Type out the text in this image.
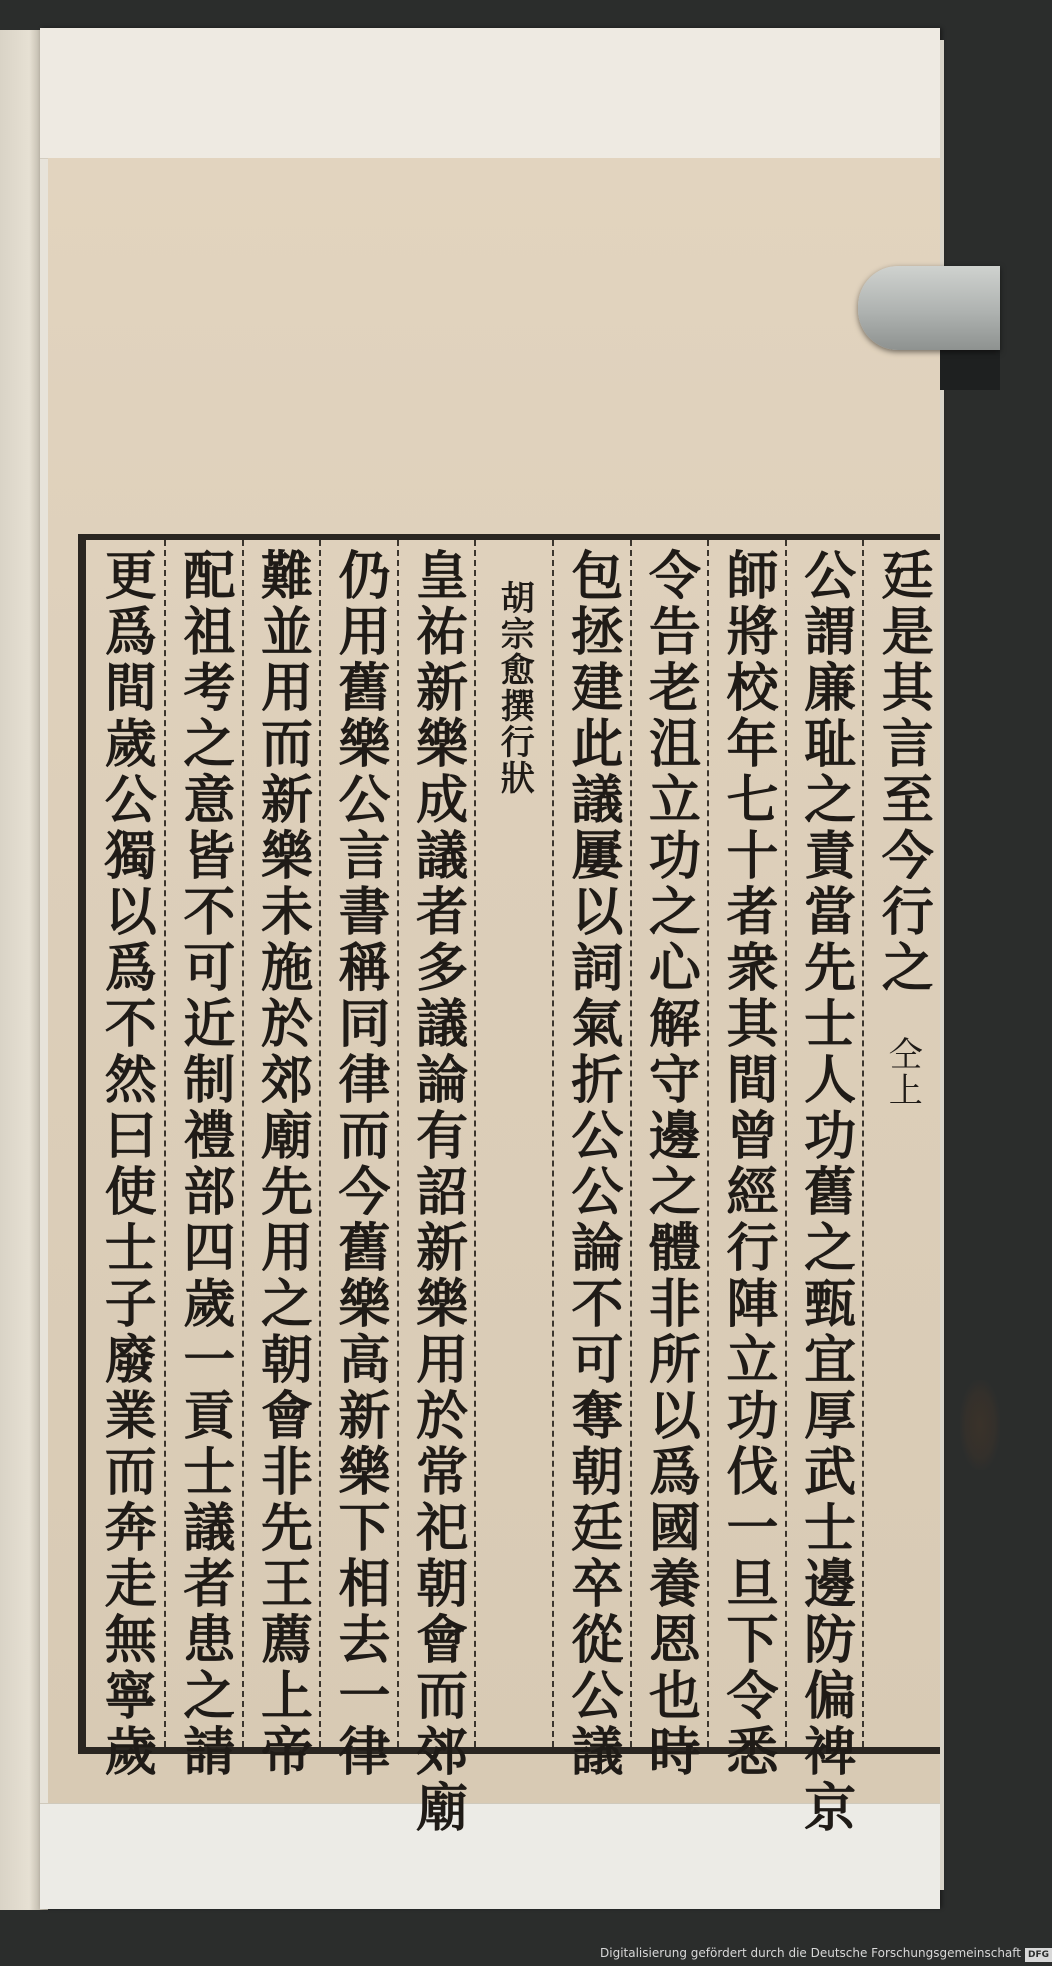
廷是其言至今行之仝上
公謂廉耻之責當先士人功舊之甄宜厚武士邊防偏裨京
師將校年七十者衆其間曾經行陣立功伐一旦下令悉
令告老沮立功之心解守邊之體非所以爲國養恩也時
包拯建此議屢以詞氣折公公論不可奪朝廷卒從公議
胡宗愈撰行狀
皇祐新樂成議者多議論有詔新樂用於常祀朝會而郊廟
仍用舊樂公言書稱同律而今舊樂高新樂下相去一律
難並用而新樂未施於郊廟先用之朝會非先王薦上帝
配祖考之意皆不可近制禮部四歲一貢士議者患之請
更爲間歲公獨以爲不然曰使士子廢業而奔走無寧歲
Digitalisierung gefördert durch die Deutsche Forschungsgemeinschaft DFG
